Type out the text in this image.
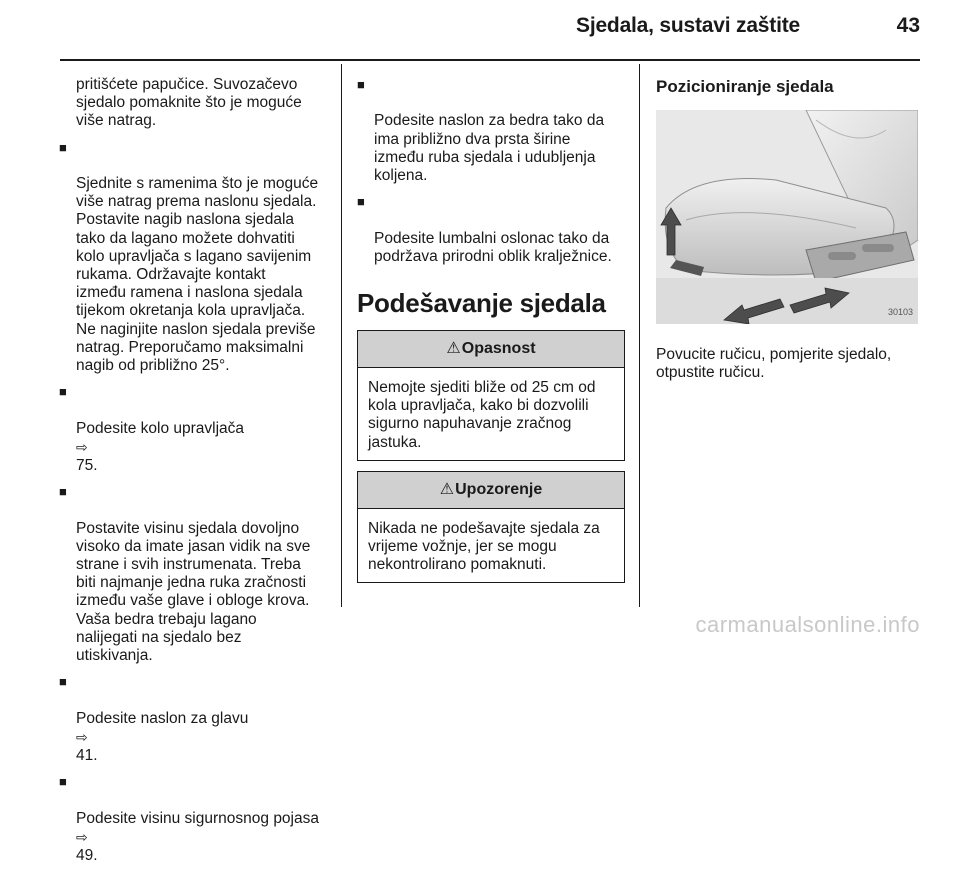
Sjedala, sustavi zaštite	43

pritišćete papučice. Suvozačevo
sjedalo pomaknite što je moguće
više natrag.

■

Sjednite s ramenima što je moguće
više natrag prema naslonu sjedala.
Postavite nagib naslona sjedala
tako da lagano možete dohvatiti
kolo upravljača s lagano savijenim
rukama. Održavajte kontakt
između ramena i naslona sjedala
tijekom okretanja kola upravljača.
Ne naginjite naslon sjedala previše
natrag. Preporučamo maksimalni
nagib od približno 25°.

■

Podesite kolo upravljača
⇨
75.

■

Postavite visinu sjedala dovoljno
visoko da imate jasan vidik na sve
strane i svih instrumenata. Treba
biti najmanje jedna ruka zračnosti
između vaše glave i obloge krova.
Vaša bedra trebaju lagano
nalijegati na sjedalo bez
utiskivanja.

■

Podesite naslon za glavu
⇨
41.

■

Podesite visinu sigurnosnog pojasa
⇨
49.

■

Podesite naslon za bedra tako da
ima približno dva prsta širine
između ruba sjedala i udubljenja
koljena.

■

Podesite lumbalni oslonac tako da
podržava prirodni oblik kralježnice.

Podešavanje sjedala
⚠Opasnost
Nemojte sjediti bliže od 25 cm od
kola upravljača, kako bi dozvolili
sigurno napuhavanje zračnog
jastuka.
⚠Upozorenje
Nikada ne podešavajte sjedala za
vrijeme vožnje, jer se mogu
nekontrolirano pomaknuti.
Pozicioniranje sjedala
30103
Povucite ručicu, pomjerite sjedalo,
otpustite ručicu.
carmanualsonline.info
